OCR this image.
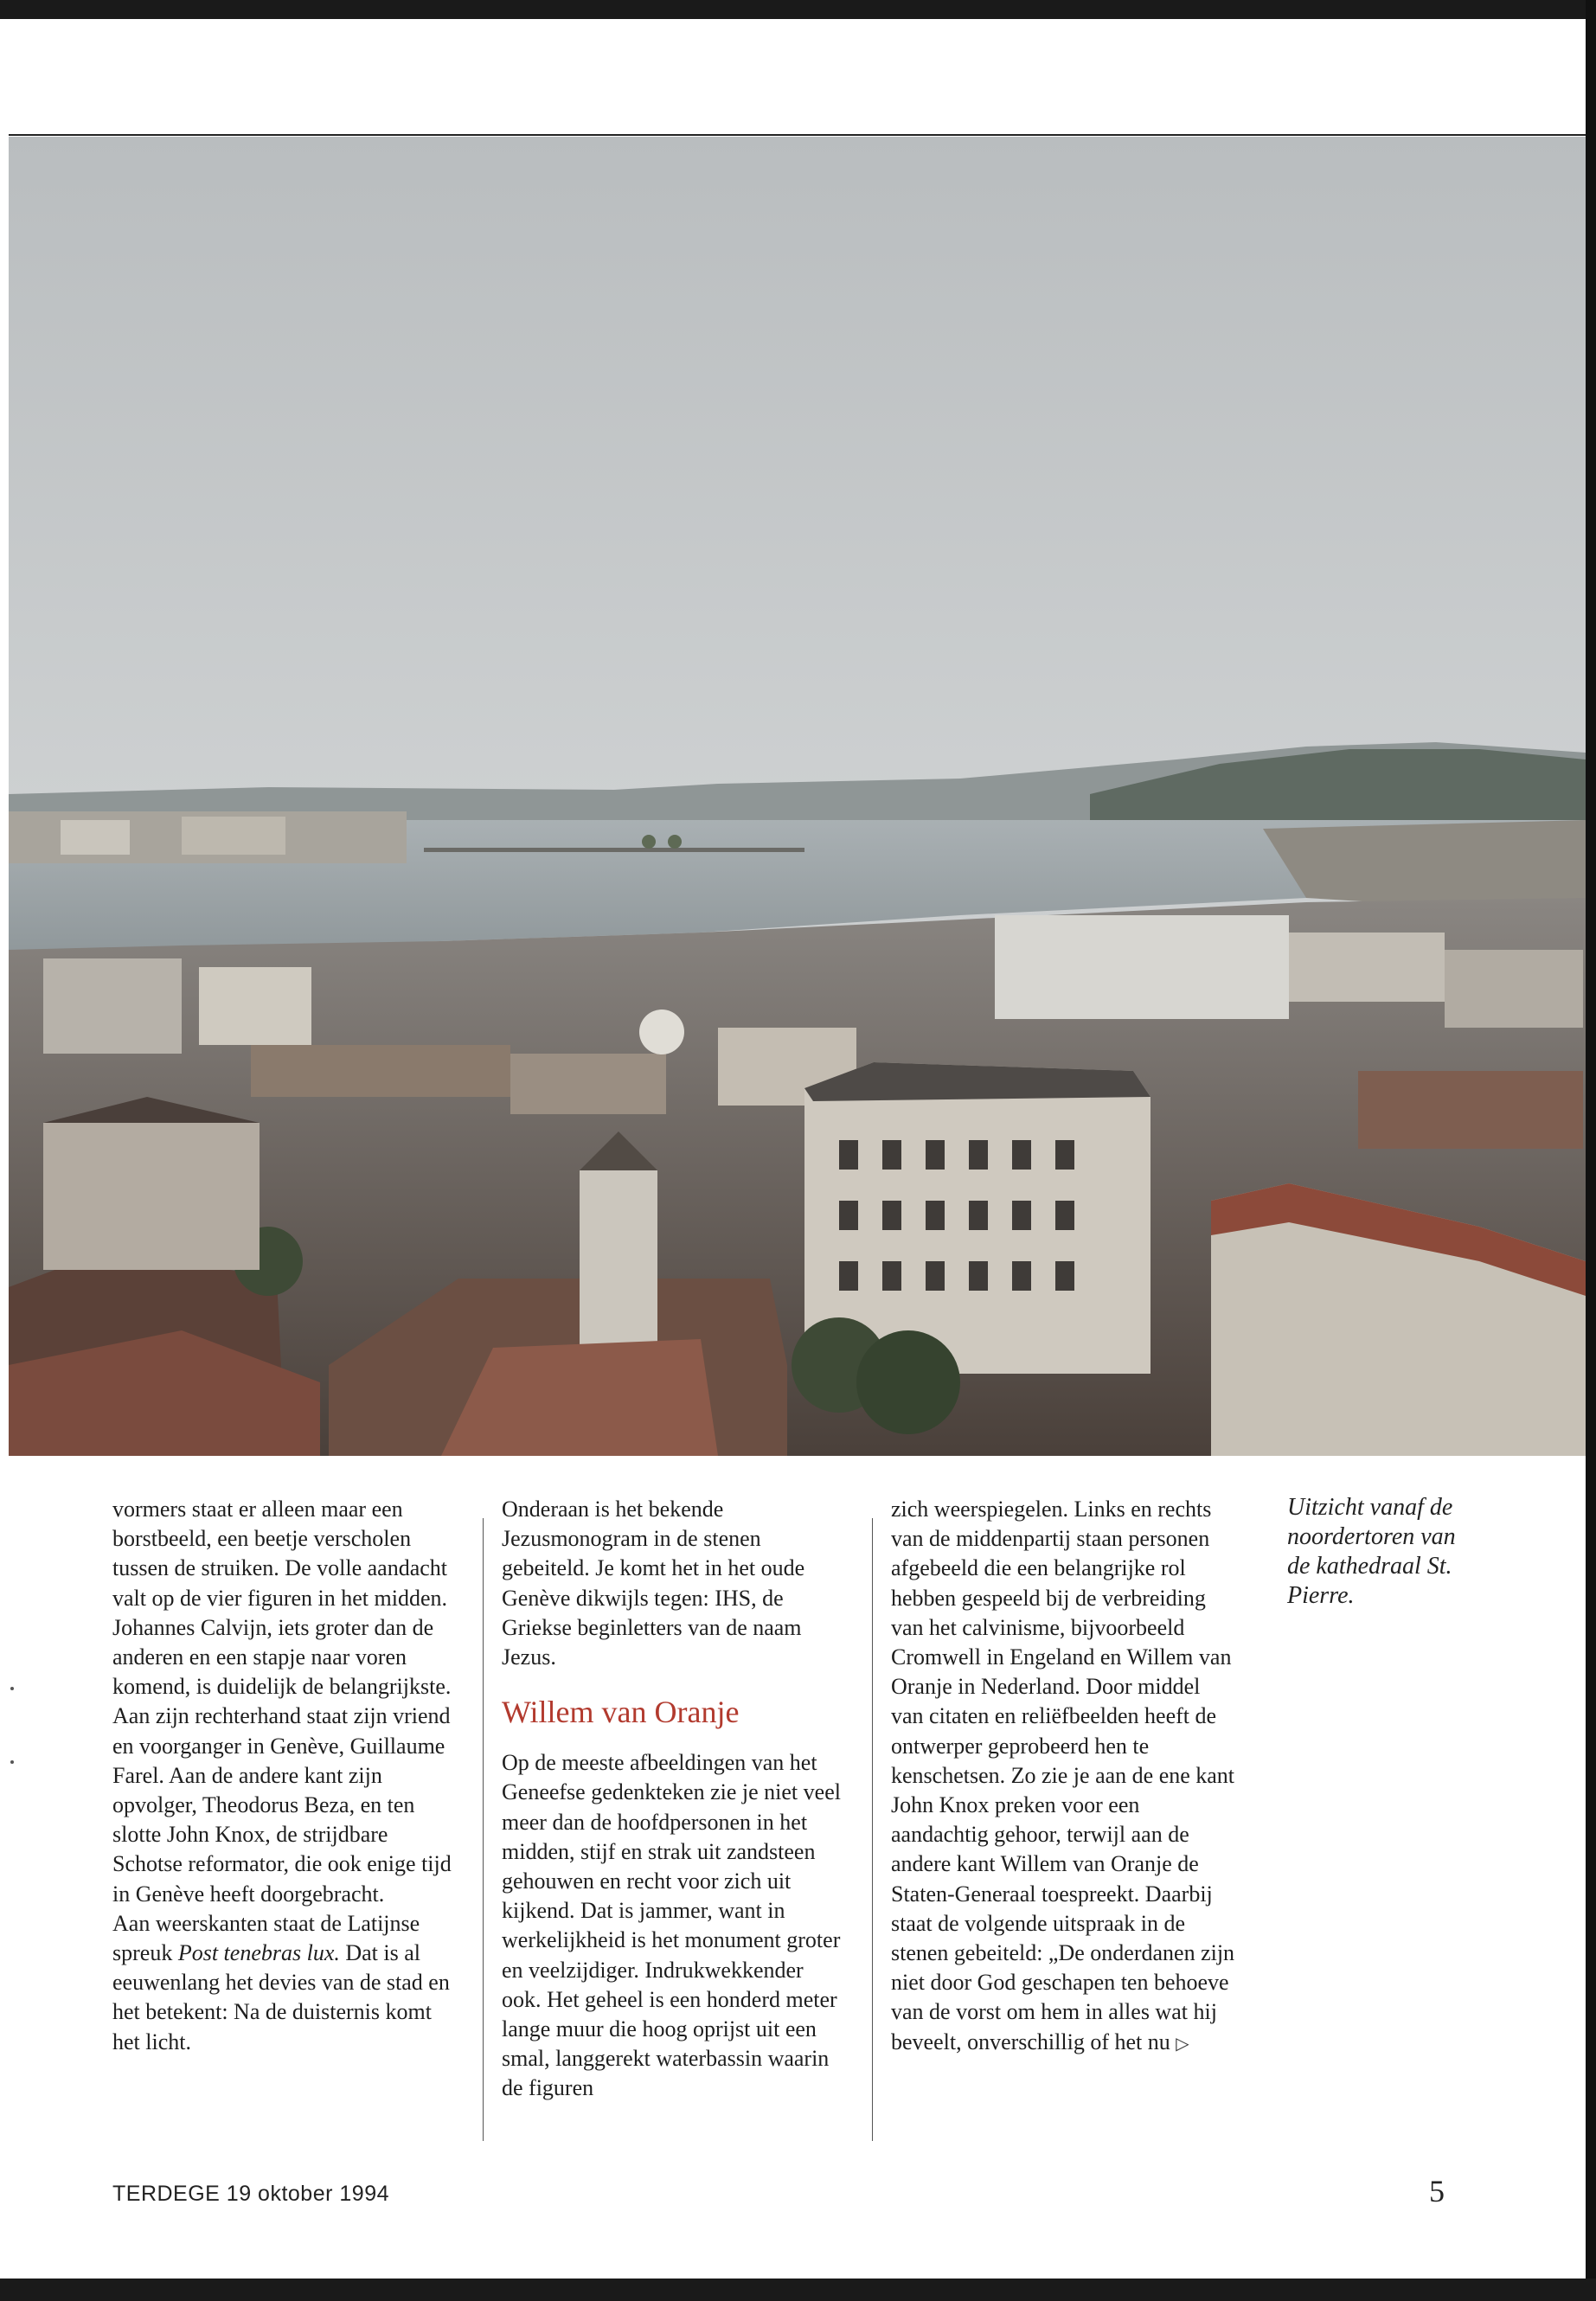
vormers staat er alleen maar een borstbeeld, een beetje verscholen tussen de struiken. De volle aandacht valt op de vier figuren in het midden. Johannes Calvijn, iets groter dan de anderen en een stapje naar voren komend, is duidelijk de belangrijkste. Aan zijn rechterhand staat zijn vriend en voorganger in Genève, Guillaume Farel. Aan de andere kant zijn opvolger, Theodorus Beza, en ten slotte John Knox, de strijdbare Schotse reformator, die ook enige tijd in Genève heeft doorgebracht.
Aan weerskanten staat de Latijnse spreuk Post tenebras lux. Dat is al eeuwenlang het devies van de stad en het betekent: Na de duisternis komt het licht.

Onderaan is het bekende Jezusmonogram in de stenen gebeiteld. Je komt het in het oude Genève dikwijls tegen: IHS, de Griekse beginletters van de naam Jezus.

Willem van Oranje

Op de meeste afbeeldingen van het Geneefse gedenkteken zie je niet veel meer dan de hoofdpersonen in het midden, stijf en strak uit zandsteen gehouwen en recht voor zich uit kijkend. Dat is jammer, want in werkelijkheid is het monument groter en veelzijdiger. Indrukwekkender ook. Het geheel is een honderd meter lange muur die hoog oprijst uit een smal, langgerekt waterbassin waarin de figuren

zich weerspiegelen. Links en rechts van de middenpartij staan personen afgebeeld die een belangrijke rol hebben gespeeld bij de verbreiding van het calvinisme, bijvoorbeeld Cromwell in Engeland en Willem van Oranje in Nederland. Door middel van citaten en reliëfbeelden heeft de ontwerper geprobeerd hen te kenschetsen. Zo zie je aan de ene kant John Knox preken voor een aandachtig gehoor, terwijl aan de andere kant Willem van Oranje de Staten-Generaal toespreekt. Daarbij staat de volgende uitspraak in de stenen gebeiteld: „De onderdanen zijn niet door God geschapen ten behoeve van de vorst om hem in alles wat hij beveelt, onverschillig of het nu ▷

Uitzicht vanaf de noordertoren van de kathedraal St. Pierre.

TERDEGE 19 oktober 1994	5
